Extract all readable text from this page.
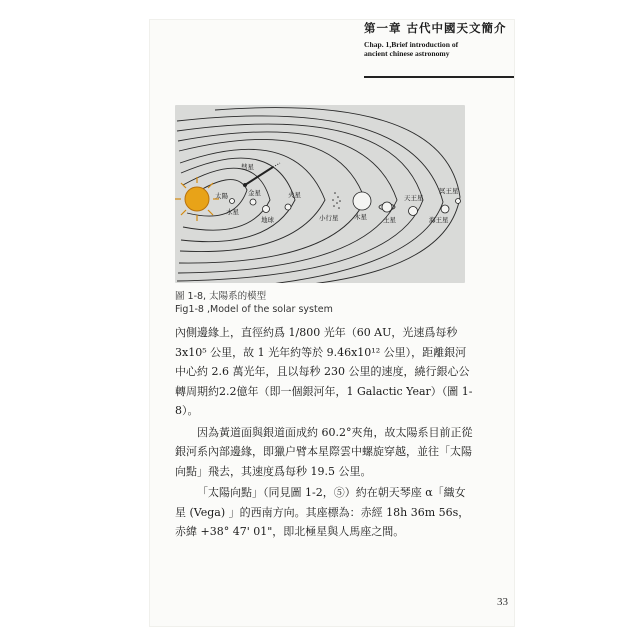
第一章 古代中國天文簡介
Chap. 1,Brief introduction of
ancient chinese astronomy
彗星
太陽
水星
金星
地球
火星
小行星 木星 土星
天王星
海王星
冥王星
圖 1-8, 太陽系的模型
Fig1-8 ,Model of the solar system

內側邊緣上，直徑約爲 1/800 光年（60 AU，光速爲每秒 3x10⁵ 公里，故 1 光年約等於 9.46x10¹² 公里），距離銀河中心約 2.6 萬光年，且以每秒 230 公里的速度，繞行銀心公轉周期約2.2億年（即一個銀河年，1 Galactic Year）（圖 1-8）。

因為黃道面與銀道面成約 60.2°夾角，故太陽系目前正從銀河系內部邊緣，即獵户臂本星際雲中螺旋穿越，並往「太陽向點」飛去，其速度爲每秒 19.5 公里。

「太陽向點」（同見圖 1-2，⑤）約在朝天琴座 α「織女星 (Vega) 」的西南方向。其座標為：赤經 18h 36m 56s，赤緯 +38° 47' 01"，即北極星與人馬座之間。

33
